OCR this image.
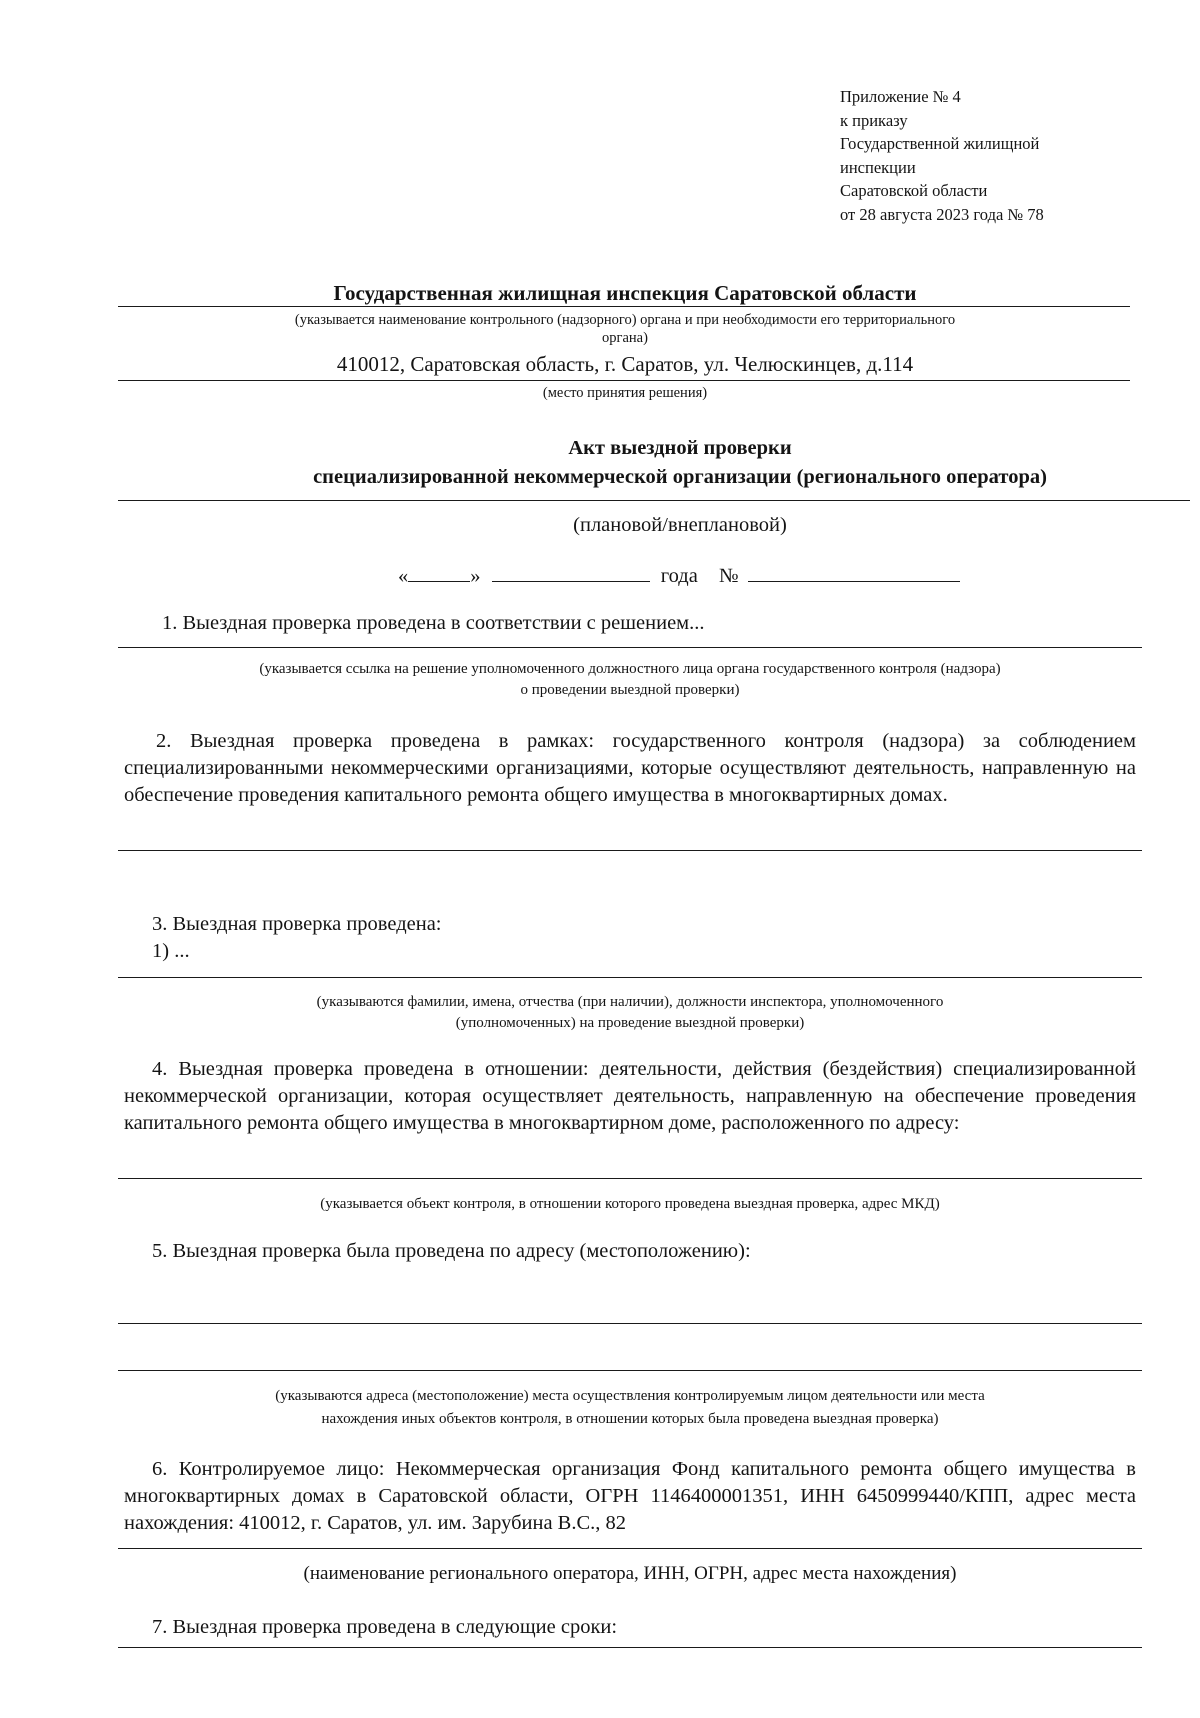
Приложение № 4
к приказу
Государственной жилищной
инспекции
Саратовской области
от 28 августа 2023 года № 78
Государственная жилищная инспекция Саратовской области
(указывается наименование контрольного (надзорного) органа и при необходимости его территориального
органа)
410012, Саратовская область, г. Саратов, ул. Челюскинцев, д.114
(место принятия решения)
Акт выездной проверки
специализированной некоммерческой организации (регионального оператора)
(плановой/внеплановой)
«	»	года №
1. Выездная проверка проведена в соответствии с решением...
(указывается ссылка на решение уполномоченного должностного лица органа государственного контроля (надзора)
о проведении выездной проверки)
2. Выездная проверка проведена в рамках: государственного контроля (надзора) за соблюдением специализированными некоммерческими организациями, которые осуществляют деятельность, направленную на обеспечение проведения капитального ремонта общего имущества в многоквартирных домах.
3. Выездная проверка проведена:
1) ...
(указываются фамилии, имена, отчества (при наличии), должности инспектора, уполномоченного
(уполномоченных) на проведение выездной проверки)
4. Выездная проверка проведена в отношении: деятельности, действия (бездействия) специализированной некоммерческой организации, которая осуществляет деятельность, направленную на обеспечение проведения капитального ремонта общего имущества в многоквартирном доме, расположенного по адресу:
(указывается объект контроля, в отношении которого проведена выездная проверка, адрес МКД)
5. Выездная проверка была проведена по адресу (местоположению):
(указываются адреса (местоположение) места осуществления контролируемым лицом деятельности или места
нахождения иных объектов контроля, в отношении которых была проведена выездная проверка)
6. Контролируемое лицо: Некоммерческая организация Фонд капитального ремонта общего имущества в многоквартирных домах в Саратовской области, ОГРН 1146400001351, ИНН 6450999440/КПП, адрес места нахождения: 410012, г. Саратов, ул. им. Зарубина В.С., 82
(наименование регионального оператора, ИНН, ОГРН, адрес места нахождения)
7. Выездная проверка проведена в следующие сроки:
